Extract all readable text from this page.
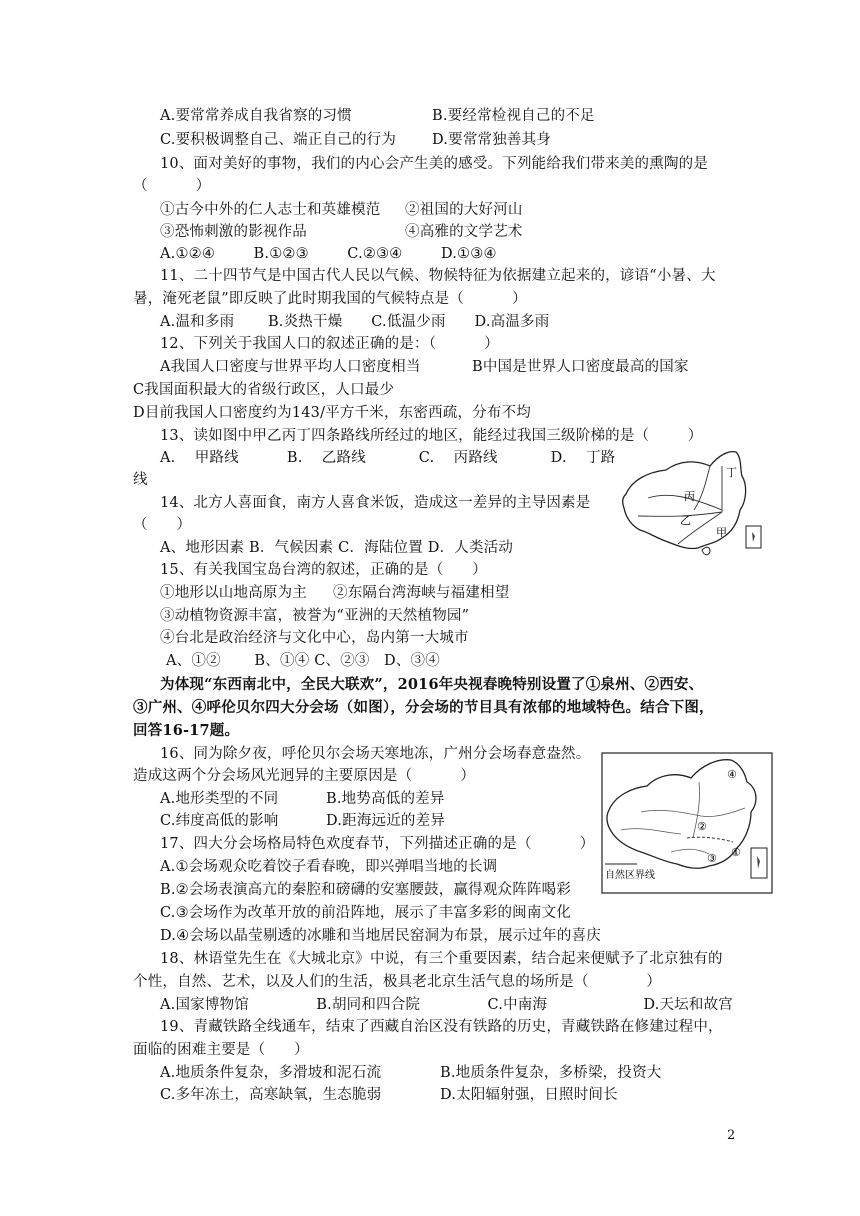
A.要常常养成自我省察的习惯	B.要经常检视自己的不足
C.要积极调整自己、端正自己的行为 D.要常常独善其身
10、面对美好的事物，我们的内心会产生美的感受。下列能给我们带来美的熏陶的是
（          ）
①古今中外的仁人志士和英雄模范 ②祖国的大好河山
③恐怖刺激的影视作品	④高雅的文学艺术
A.①②④        B.①②③        C.②③④        D.①③④
11、二十四节气是中国古代人民以气候、物候特征为依据建立起来的，谚语“小暑、大
暑，淹死老鼠”即反映了此时期我国的气候特点是（          ）
A.温和多雨       B.炎热干燥      C.低温少雨      D.高温多雨
12、下列关于我国人口的叙述正确的是：（          ）
A我国人口密度与世界平均人口密度相当	B中国是世界人口密度最高的国家
C我国面积最大的省级行政区，人口最少
D目前我国人口密度约为143/平方千米，东密西疏，分布不均
13、读如图中甲乙丙丁四条路线所经过的地区，能经过我国三级阶梯的是（        ）
A.    甲路线          B.    乙路线           C.    丙路线           D.    丁路
线	丁
丙
乙
甲
14、北方人喜面食，南方人喜食米饭，造成这一差异的主导因素是
（      ）
A、地形因素 B．气候因素 C．海陆位置 D．人类活动
15、有关我国宝岛台湾的叙述，正确的是（      ）
①地形以山地高原为主 ②东隔台湾海峡与福建相望
③动植物资源丰富，被誉为“亚洲的天然植物园”
④台北是政治经济与文化中心，岛内第一大城市
A、①②       B、①④ C、②③   D、③④
为体现“东西南北中，全民大联欢”，2016年央视春晚特别设置了①泉州、②西安、
③广州、④呼伦贝尔四大分会场（如图），分会场的节目具有浓郁的地域特色。结合下图，
回答16-17题。
16、同为除夕夜，呼伦贝尔会场天寒地冻，广州分会场春意盎然。
造成这两个分会场风光迥异的主要原因是（          ）
A.地形类型的不同	B.地势高低的差异
C.纬度高低的影响	D.距海远近的差异
④
②
③ ①
自然区界线
17、四大分会场格局特色欢度春节，下列描述正确的是（          ）
A.①会场观众吃着饺子看春晚，即兴弹唱当地的长调
B.②会场表演高亢的秦腔和磅礴的安塞腰鼓，赢得观众阵阵喝彩
C.③会场作为改革开放的前沿阵地，展示了丰富多彩的闽南文化
D.④会场以晶莹剔透的冰雕和当地居民窑洞为布景，展示过年的喜庆
18、林语堂先生在《大城北京》中说，有三个重要因素，结合起来便赋予了北京独有的
个性，自然、艺术，以及人们的生活，极具老北京生活气息的场所是（            ）
A.国家博物馆              B.胡同和四合院              C.中南海                    D.天坛和故宫
19、青藏铁路全线通车，结束了西藏自治区没有铁路的历史，青藏铁路在修建过程中，
面临的困难主要是（      ）
A.地质条件复杂，多滑坡和泥石流	B.地质条件复杂，多桥梁，投资大
C.多年冻土，高寒缺氧，生态脆弱	D.太阳辐射强，日照时间长
2
